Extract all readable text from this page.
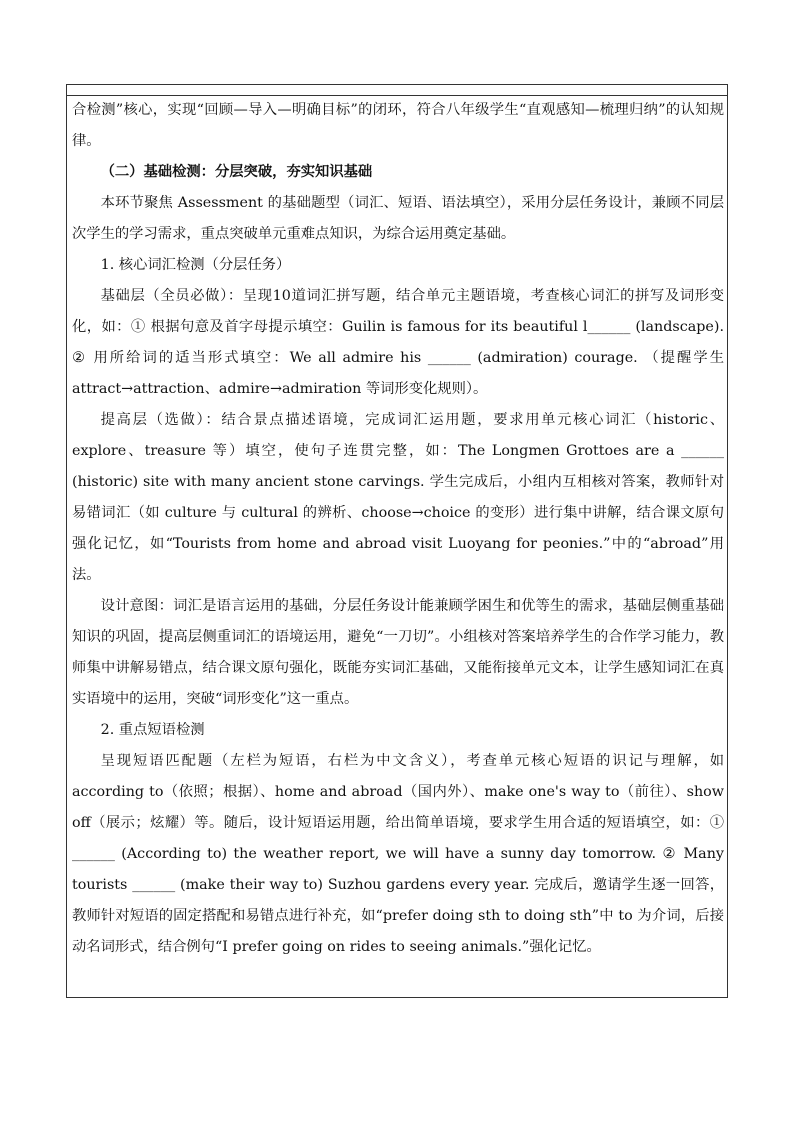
合检测”核心，实现“回顾—导入—明确目标”的闭环，符合八年级学生“直观感知—梳理归纳”的认知规律。

（二）基础检测：分层突破，夯实知识基础

本环节聚焦 Assessment 的基础题型（词汇、短语、语法填空），采用分层任务设计，兼顾不同层次学生的学习需求，重点突破单元重难点知识，为综合运用奠定基础。

1. 核心词汇检测（分层任务）

基础层（全员必做）：呈现10道词汇拼写题，结合单元主题语境，考查核心词汇的拼写及词形变化，如：① 根据句意及首字母提示填空：Guilin is famous for its beautiful l______ (landscape). ② 用所给词的适当形式填空：We all admire his ______ (admiration) courage. （提醒学生 attract→attraction、admire→admiration 等词形变化规则）。

提高层（选做）：结合景点描述语境，完成词汇运用题，要求用单元核心词汇（historic、explore、treasure 等）填空，使句子连贯完整，如：The Longmen Grottoes are a ______ (historic) site with many ancient stone carvings. 学生完成后，小组内互相核对答案，教师针对易错词汇（如 culture 与 cultural 的辨析、choose→choice 的变形）进行集中讲解，结合课文原句强化记忆，如“Tourists from home and abroad visit Luoyang for peonies.”中的“abroad”用法。

设计意图：词汇是语言运用的基础，分层任务设计能兼顾学困生和优等生的需求，基础层侧重基础知识的巩固，提高层侧重词汇的语境运用，避免“一刀切”。小组核对答案培养学生的合作学习能力，教师集中讲解易错点，结合课文原句强化，既能夯实词汇基础，又能衔接单元文本，让学生感知词汇在真实语境中的运用，突破“词形变化”这一重点。

2. 重点短语检测

呈现短语匹配题（左栏为短语，右栏为中文含义），考查单元核心短语的识记与理解，如 according to（依照；根据）、home and abroad（国内外）、make one's way to（前往）、show off（展示；炫耀）等。随后，设计短语运用题，给出简单语境，要求学生用合适的短语填空，如：① ______ (According to) the weather report, we will have a sunny day tomorrow. ② Many tourists ______ (make their way to) Suzhou gardens every year. 完成后，邀请学生逐一回答，教师针对短语的固定搭配和易错点进行补充，如“prefer doing sth to doing sth”中 to 为介词，后接动名词形式，结合例句“I prefer going on rides to seeing animals.”强化记忆。
